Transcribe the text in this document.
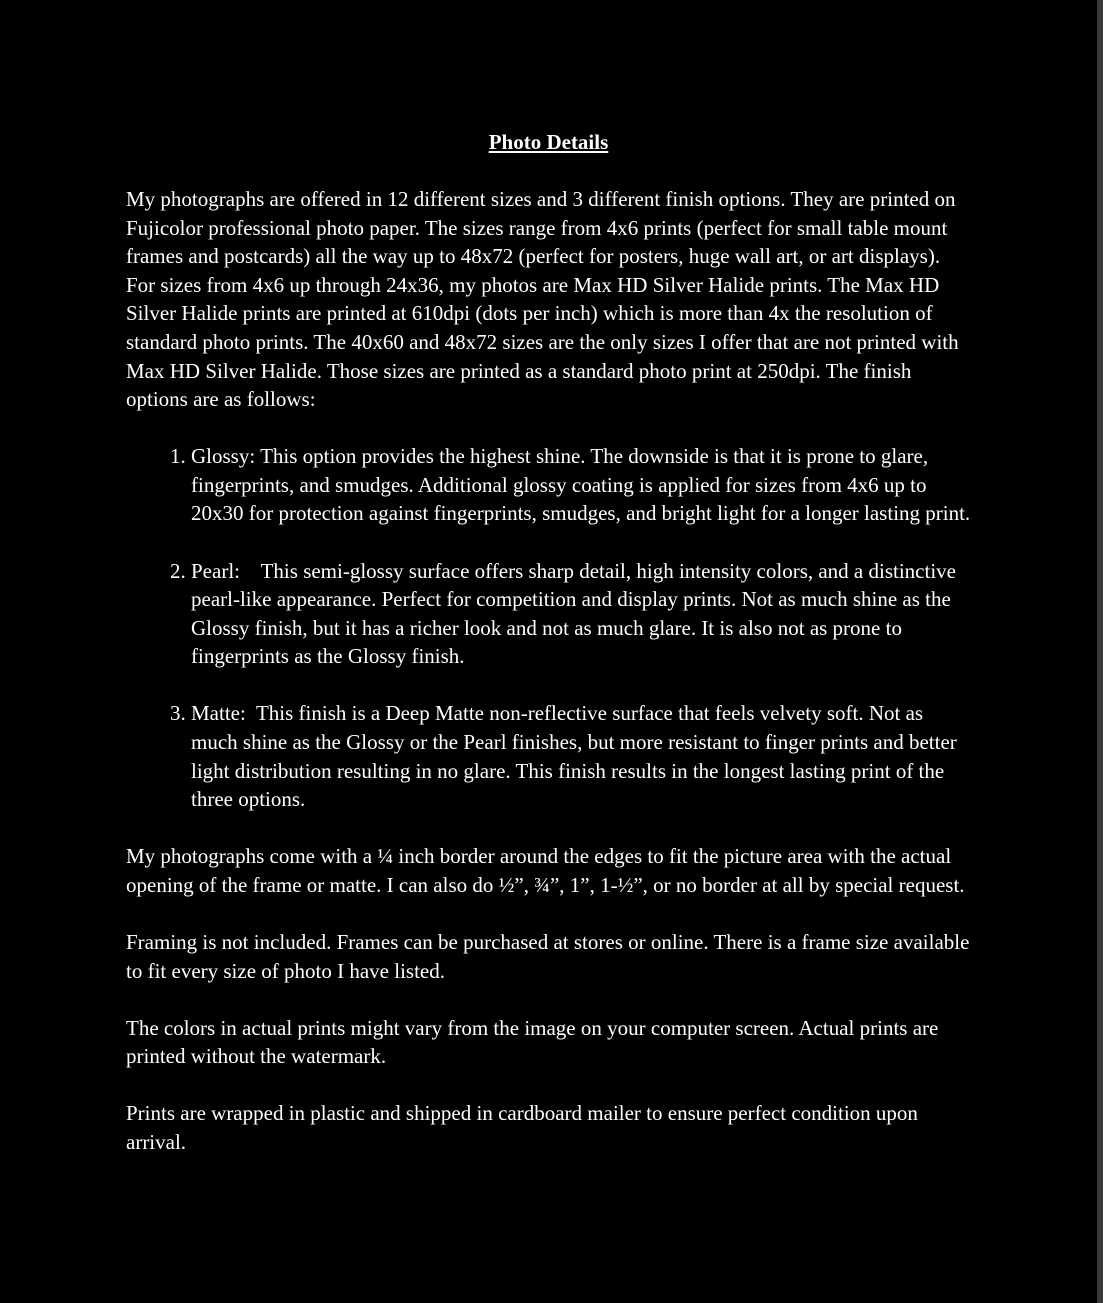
Photo Details

My photographs are offered in 12 different sizes and 3 different finish options. They are printed on Fujicolor professional photo paper. The sizes range from 4x6 prints (perfect for small table mount frames and postcards) all the way up to 48x72 (perfect for posters, huge wall art, or art displays). For sizes from 4x6 up through 24x36, my photos are Max HD Silver Halide prints. The Max HD Silver Halide prints are printed at 610dpi (dots per inch) which is more than 4x the resolution of standard photo prints. The 40x60 and 48x72 sizes are the only sizes I offer that are not printed with Max HD Silver Halide. Those sizes are printed as a standard photo print at 250dpi. The finish options are as follows:

1. Glossy: This option provides the highest shine. The downside is that it is prone to glare, fingerprints, and smudges. Additional glossy coating is applied for sizes from 4x6 up to 20x30 for protection against fingerprints, smudges, and bright light for a longer lasting print.
2. Pearl: This semi-glossy surface offers sharp detail, high intensity colors, and a distinctive pearl-like appearance. Perfect for competition and display prints. Not as much shine as the Glossy finish, but it has a richer look and not as much glare. It is also not as prone to fingerprints as the Glossy finish.
3. Matte: This finish is a Deep Matte non-reflective surface that feels velvety soft. Not as much shine as the Glossy or the Pearl finishes, but more resistant to finger prints and better light distribution resulting in no glare. This finish results in the longest lasting print of the three options.

My photographs come with a ¼ inch border around the edges to fit the picture area with the actual opening of the frame or matte. I can also do ½”, ¾”, 1”, 1-½”, or no border at all by special request.

Framing is not included. Frames can be purchased at stores or online. There is a frame size available to fit every size of photo I have listed.

The colors in actual prints might vary from the image on your computer screen. Actual prints are printed without the watermark.

Prints are wrapped in plastic and shipped in cardboard mailer to ensure perfect condition upon arrival.
